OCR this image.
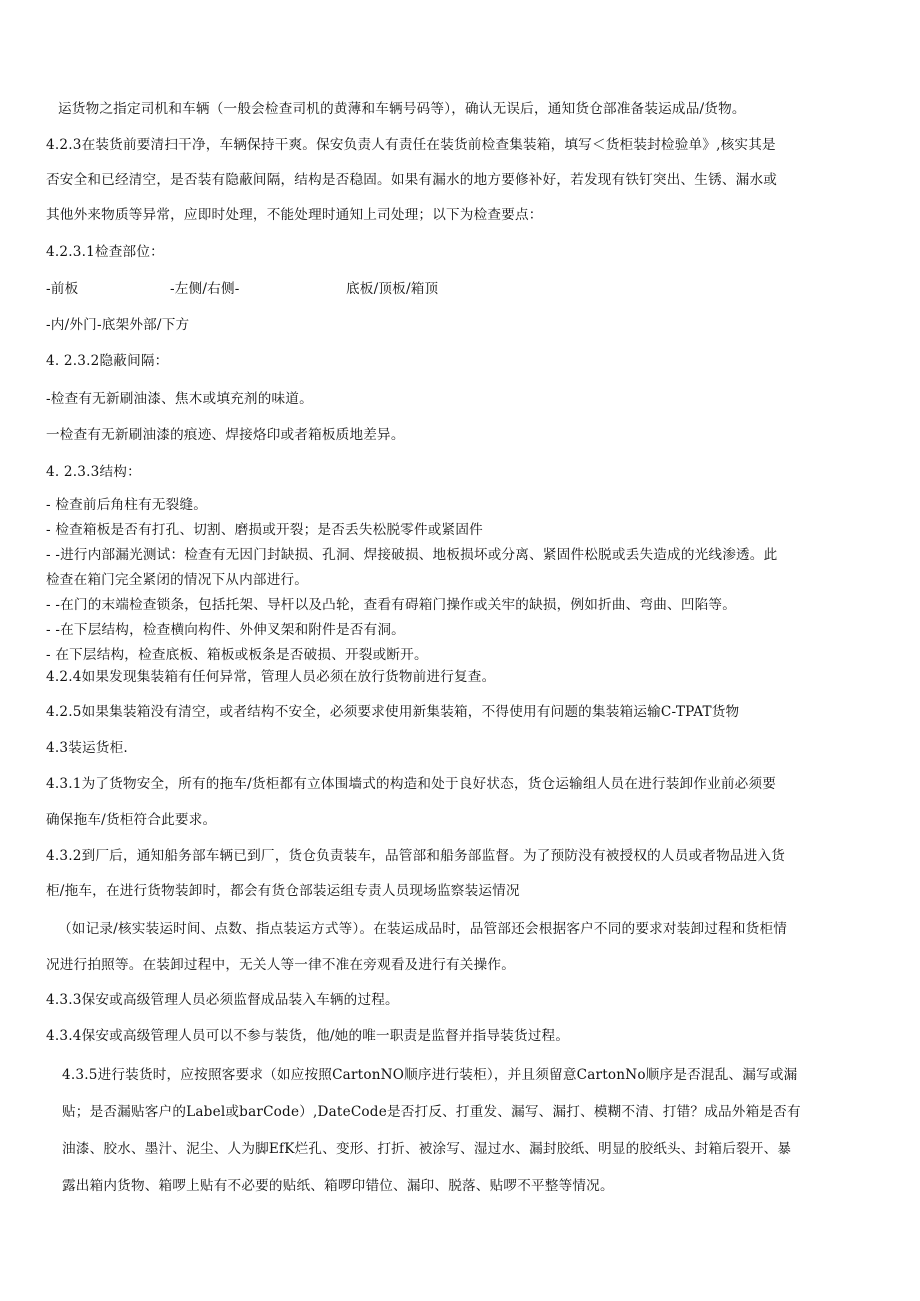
运货物之指定司机和车辆（一般会检查司机的黄薄和车辆号码等），确认无误后，通知货仓部准备装运成品/货物。
4.2.3在装货前要清扫干净，车辆保持干爽。保安负责人有责任在装货前检查集装箱，填写＜货柜装封检验单》,核实其是
否安全和已经清空，是否装有隐蔽间隔，结构是否稳固。如果有漏水的地方要修补好，若发现有铁钉突出、生锈、漏水或
其他外来物质等异常，应即时处理，不能处理时通知上司处理；以下为检查要点：
4.2.3.1检查部位：
-前板	-左侧/右侧-	底板/顶板/箱顶
-内/外门-底架外部/下方
4. 2.3.2隐蔽间隔：
-检查有无新刷油漆、焦木或填充剂的味道。
一检查有无新刷油漆的痕迹、焊接烙印或者箱板质地差异。
4. 2.3.3结构：
- 检查前后角柱有无裂缝。
- 检查箱板是否有打孔、切割、磨损或开裂；是否丢失松脱零件或紧固件
- -进行内部漏光测试：检查有无因门封缺损、孔洞、焊接破损、地板损坏或分离、紧固件松脱或丢失造成的光线渗透。此
检查在箱门完全紧闭的情况下从内部进行。
- -在门的末端检查锁条，包括托架、导杆以及凸轮，查看有碍箱门操作或关牢的缺损，例如折曲、弯曲、凹陷等。
- -在下层结构，检查横向构件、外伸叉架和附件是否有洞。
- 在下层结构，检查底板、箱板或板条是否破损、开裂或断开。
4.2.4如果发现集装箱有任何异常，管理人员必须在放行货物前进行复查。
4.2.5如果集装箱没有清空，或者结构不安全，必须要求使用新集装箱，不得使用有问题的集装箱运输C-TPAT货物
4.3装运货柜.
4.3.1为了货物安全，所有的拖车/货柜都有立体围墙式的构造和处于良好状态，货仓运输组人员在进行装卸作业前必须要
确保拖车/货柜符合此要求。
4.3.2到厂后，通知船务部车辆已到厂，货仓负责装车，品管部和船务部监督。为了预防没有被授权的人员或者物品进入货
柜/拖车，在进行货物装卸时，都会有货仓部装运组专责人员现场监察装运情况
（如记录/核实装运时间、点数、指点装运方式等）。在装运成品时，品管部还会根据客户不同的要求对装卸过程和货柜情
况进行拍照等。在装卸过程中，无关人等一律不准在旁观看及进行有关操作。
4.3.3保安或高级管理人员必须监督成品装入车辆的过程。
4.3.4保安或高级管理人员可以不参与装货，他/她的唯一职责是监督并指导装货过程。
4.3.5进行装货时，应按照客要求（如应按照CartonNO顺序进行装柜），并且须留意CartonNo顺序是否混乱、漏写或漏
贴；是否漏贴客户的Label或barCode）,DateCode是否打反、打重发、漏写、漏打、模糊不清、打错？成品外箱是否有
油漆、胶水、墨汁、泥尘、人为脚EfK烂孔、变形、打折、被涂写、湿过水、漏封胶纸、明显的胶纸头、封箱后裂开、暴
露出箱内货物、箱啰上贴有不必要的贴纸、箱啰印错位、漏印、脱落、贴啰不平整等情况。
